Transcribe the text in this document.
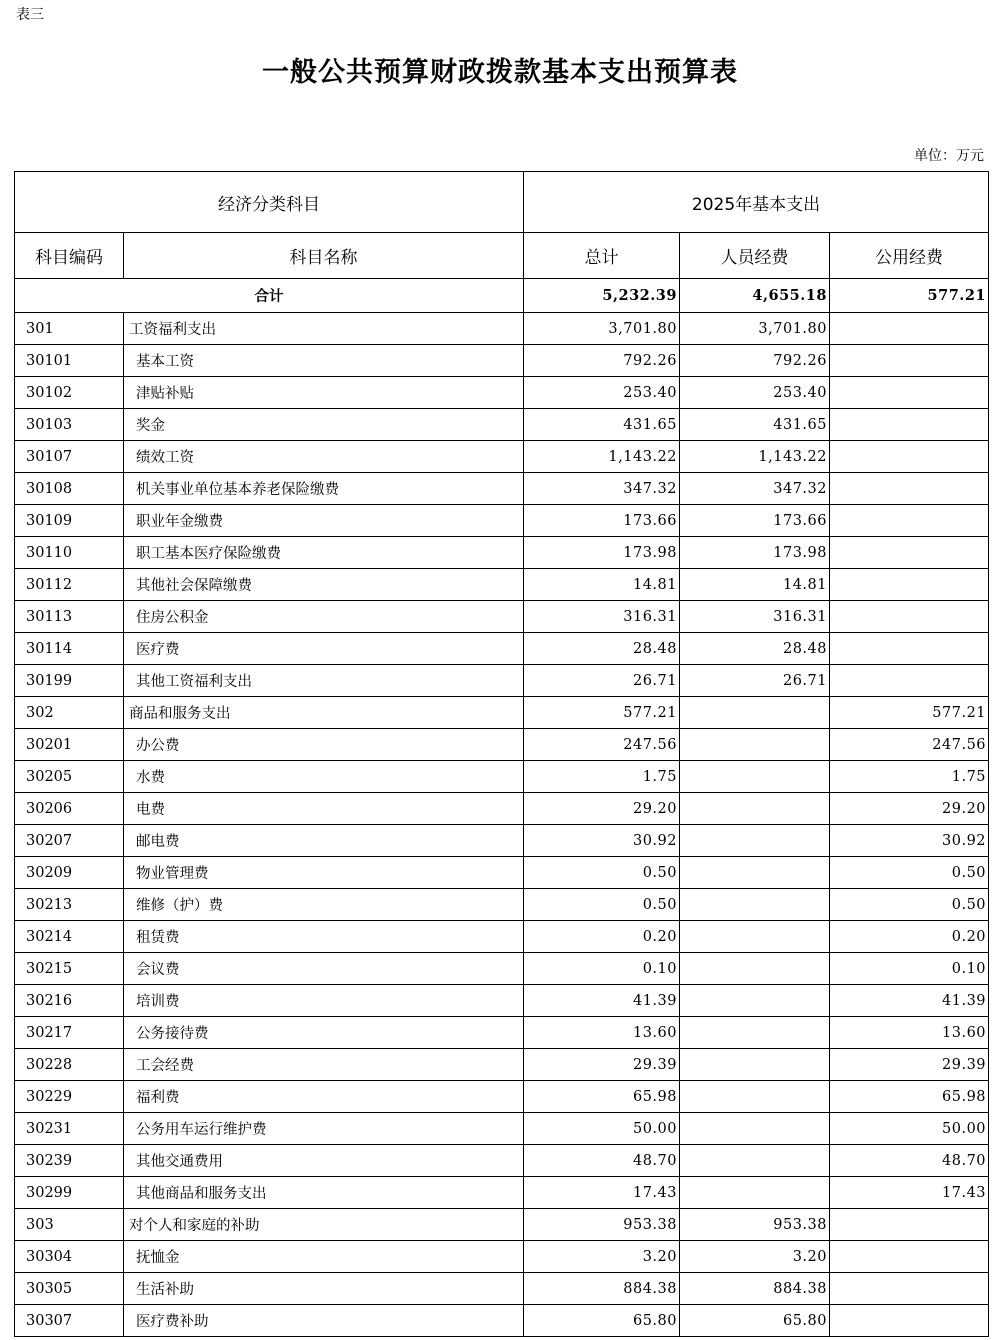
表三
一般公共预算财政拨款基本支出预算表
单位：万元
经济分类科目		2025年基本支出		
科目编码	科目名称	总计	人员经费	公用经费
合计		5,232.39	4,655.18	577.21
301	工资福利支出	3,701.80	3,701.80	
30101	基本工资	792.26	792.26	
30102	津贴补贴	253.40	253.40	
30103	奖金	431.65	431.65	
30107	绩效工资	1,143.22	1,143.22	
30108	机关事业单位基本养老保险缴费	347.32	347.32	
30109	职业年金缴费	173.66	173.66	
30110	职工基本医疗保险缴费	173.98	173.98	
30112	其他社会保障缴费	14.81	14.81	
30113	住房公积金	316.31	316.31	
30114	医疗费	28.48	28.48	
30199	其他工资福利支出	26.71	26.71	
302	商品和服务支出	577.21		577.21
30201	办公费	247.56		247.56
30205	水费	1.75		1.75
30206	电费	29.20		29.20
30207	邮电费	30.92		30.92
30209	物业管理费	0.50		0.50
30213	维修（护）费	0.50		0.50
30214	租赁费	0.20		0.20
30215	会议费	0.10		0.10
30216	培训费	41.39		41.39
30217	公务接待费	13.60		13.60
30228	工会经费	29.39		29.39
30229	福利费	65.98		65.98
30231	公务用车运行维护费	50.00		50.00
30239	其他交通费用	48.70		48.70
30299	其他商品和服务支出	17.43		17.43
303	对个人和家庭的补助	953.38	953.38	
30304	抚恤金	3.20	3.20	
30305	生活补助	884.38	884.38	
30307	医疗费补助	65.80	65.80	
